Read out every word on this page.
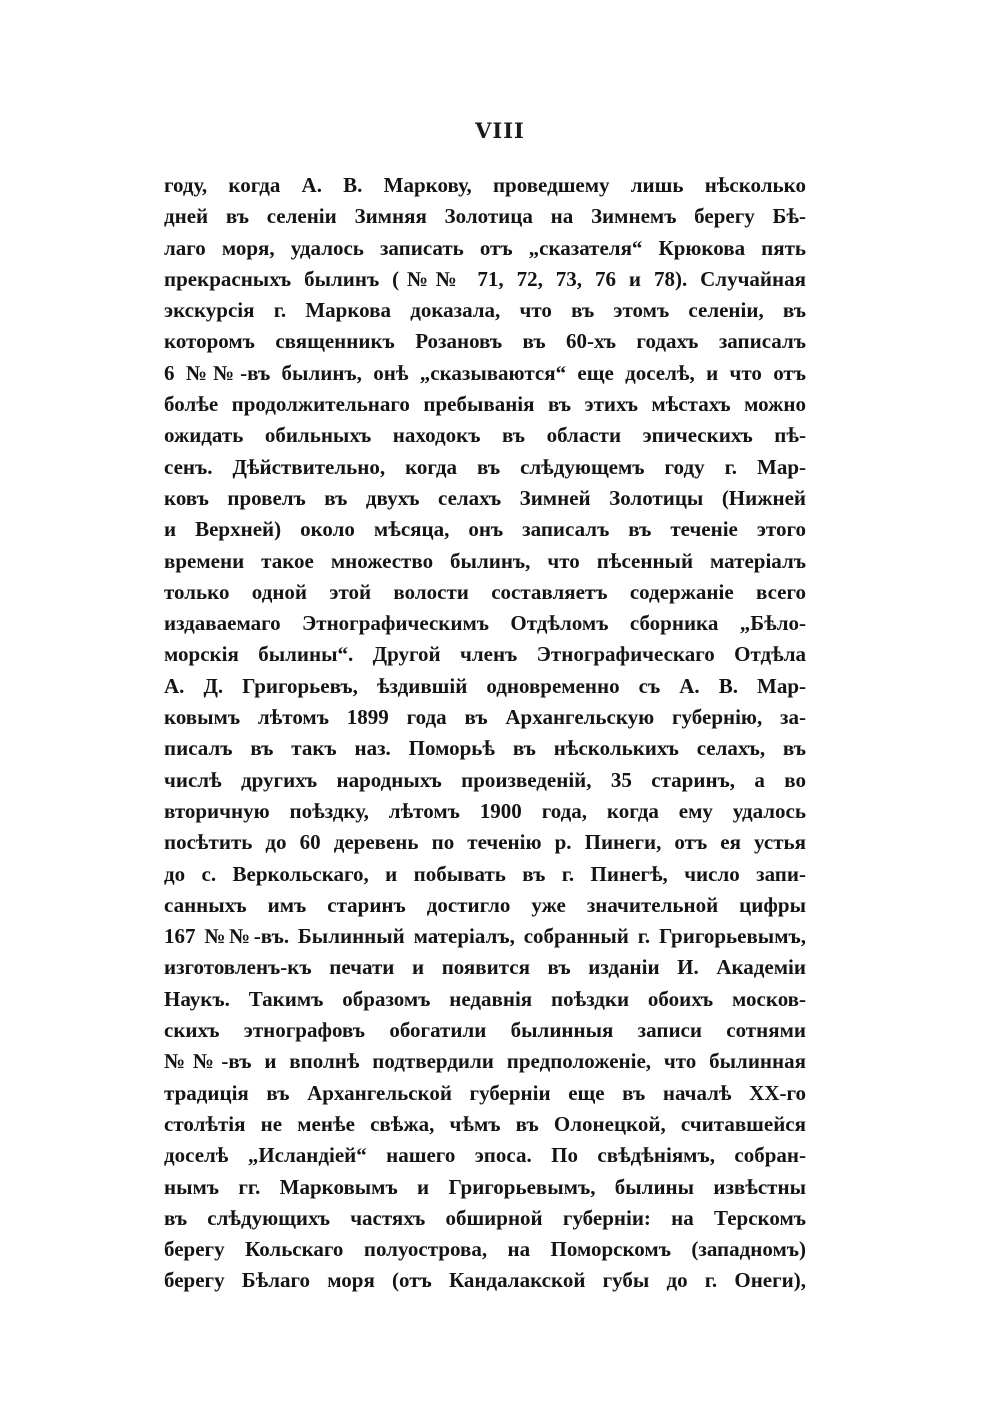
VIII
году, когда А. В. Маркову, проведшему лишь нѣсколько
дней въ селеніи Зимняя Золотица на Зимнемъ берегу Бѣ-
лаго моря, удалось записать отъ „сказателя“ Крюкова пять
прекрасныхъ былинъ (№№ 71, 72, 73, 76 и 78). Случайная
экскурсія г. Маркова доказала, что въ этомъ селеніи, въ
которомъ священникъ Розановъ въ 60-хъ годахъ записалъ
6 №№-въ былинъ, онѣ „сказываются“ еще доселѣ, и что отъ
болѣе продолжительнаго пребыванія въ этихъ мѣстахъ можно
ожидать обильныхъ находокъ въ области эпическихъ пѣ-
сенъ. Дѣйствительно, когда въ слѣдующемъ году г. Мар-
ковъ провелъ въ двухъ селахъ Зимней Золотицы (Нижней
и Верхней) около мѣсяца, онъ записалъ въ теченіе этого
времени такое множество былинъ, что пѣсенный матеріалъ
только одной этой волости составляетъ содержаніе всего
издаваемаго Этнографическимъ Отдѣломъ сборника „Бѣло-
морскія былины“. Другой членъ Этнографическаго Отдѣла
А. Д. Григорьевъ, ѣздившій одновременно съ А. В. Мар-
ковымъ лѣтомъ 1899 года въ Архангельскую губернію, за-
писалъ въ такъ наз. Поморьѣ въ нѣсколькихъ селахъ, въ
числѣ другихъ народныхъ произведеній, 35 старинъ, а во
вторичную поѣздку, лѣтомъ 1900 года, когда ему удалось
посѣтить до 60 деревень по теченію р. Пинеги, отъ ея устья
до с. Веркольскаго, и побывать въ г. Пинегѣ, число запи-
санныхъ имъ старинъ достигло уже значительной цифры
167 №№-въ. Былинный матеріалъ, собранный г. Григорьевымъ,
изготовленъ-къ печати и появится въ изданіи И. Академіи
Наукъ. Такимъ образомъ недавнія поѣздки обоихъ москов-
скихъ этнографовъ обогатили былинныя записи сотнями
№№-въ и вполнѣ подтвердили предположеніе, что былинная
традиція въ Архангельской губерніи еще въ началѣ XX-го
столѣтія не менѣе свѣжа, чѣмъ въ Олонецкой, считавшейся
доселѣ „Исландіей“ нашего эпоса. По свѣдѣніямъ, собран-
нымъ гг. Марковымъ и Григорьевымъ, былины извѣстны
въ слѣдующихъ частяхъ обширной губерніи: на Терскомъ
берегу Кольскаго полуострова, на Поморскомъ (западномъ)
берегу Бѣлаго моря (отъ Кандалакской губы до г. Онеги),
